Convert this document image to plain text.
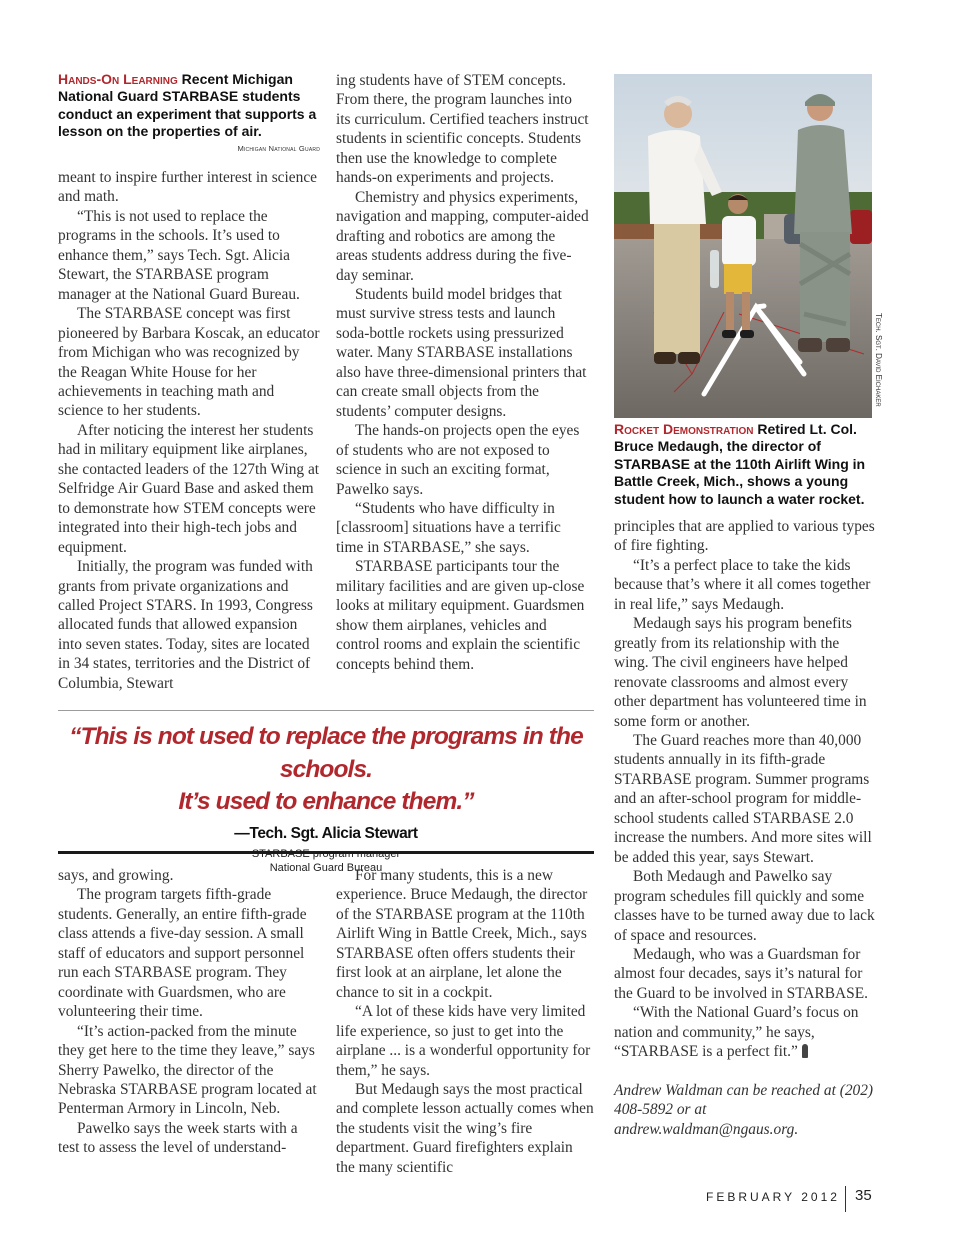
Hands-On Learning Recent Michigan National Guard STARBASE students conduct an experiment that supports a lesson on the properties of air.
Michigan National Guard

meant to inspire further interest in science and math.

“This is not used to replace the programs in the schools. It’s used to enhance them,” says Tech. Sgt. Alicia Stewart, the STARBASE program manager at the National Guard Bureau.

The STARBASE concept was first pioneered by Barbara Koscak, an educator from Michigan who was recognized by the Reagan White House for her achievements in teaching math and science to her students.

After noticing the interest her students had in military equipment like airplanes, she contacted leaders of the 127th Wing at Selfridge Air Guard Base and asked them to demonstrate how STEM concepts were integrated into their high-tech jobs and equipment.

Initially, the program was funded with grants from private organizations and called Project STARS. In 1993, Congress allocated funds that allowed expansion into seven states. Today, sites are located in 34 states, territories and the District of Columbia, Stewart

ing students have of STEM concepts. From there, the program launches into its curriculum. Certified teachers instruct students in scientific concepts. Students then use the knowledge to complete hands-on experiments and projects.

Chemistry and physics experiments, navigation and mapping, computer-aided drafting and robotics are among the areas students address during the five-day seminar.

Students build model bridges that must survive stress tests and launch soda-bottle rockets using pressurized water. Many STARBASE installations also have three-dimensional printers that can create small objects from the students’ computer designs.

The hands-on projects open the eyes of students who are not exposed to science in such an exciting format, Pawelko says.

“Students who have difficulty in [classroom] situations have a terrific time in STARBASE,” she says.

STARBASE participants tour the military facilities and are given up-close looks at military equipment. Guardsmen show them airplanes, vehicles and control rooms and explain the scientific concepts behind them.

Tech. Sgt. David Eichaker
Rocket Demonstration Retired Lt. Col. Bruce Medaugh, the director of STARBASE at the 110th Airlift Wing in Battle Creek, Mich., shows a young student how to launch a water rocket.

principles that are applied to various types of fire fighting.

“It’s a perfect place to take the kids because that’s where it all comes together in real life,” says Medaugh.

Medaugh says his program benefits greatly from its relationship with the wing. The civil engineers have helped renovate classrooms and almost every other department has volunteered time in some form or another.

The Guard reaches more than 40,000 students annually in its fifth-grade STARBASE program. Summer programs and an after-school program for middle-school students called STARBASE 2.0 increase the numbers. And more sites will be added this year, says Stewart.

Both Medaugh and Pawelko say program schedules fill quickly and some classes have to be turned away due to lack of space and resources.

Medaugh, who was a Guardsman for almost four decades, says it’s natural for the Guard to be involved in STARBASE.

“With the National Guard’s focus on nation and community,” he says, “STARBASE is a perfect fit.”

Andrew Waldman can be reached at (202) 408-5892 or at andrew.waldman@ngaus.org.

“This is not used to replace the programs in the schools.
It’s used to enhance them.”
—Tech. Sgt. Alicia Stewart
National Guard Bureau

says, and growing.

The program targets fifth-grade students. Generally, an entire fifth-grade class attends a five-day session. A small staff of educators and support personnel run each STARBASE program. They coordinate with Guardsmen, who are volunteering their time.

“It’s action-packed from the minute they get here to the time they leave,” says Sherry Pawelko, the director of the Nebraska STARBASE program located at Penterman Armory in Lincoln, Neb.

Pawelko says the week starts with a test to assess the level of understand-

For many students, this is a new experience. Bruce Medaugh, the director of the STARBASE program at the 110th Airlift Wing in Battle Creek, Mich., says STARBASE often offers students their first look at an airplane, let alone the chance to sit in a cockpit.

“A lot of these kids have very limited life experience, so just to get into the airplane ... is a wonderful opportunity for them,” he says.

But Medaugh says the most practical and complete lesson actually comes when the students visit the wing’s fire department. Guard firefighters explain the many scientific

FEBRUARY 2012 35
